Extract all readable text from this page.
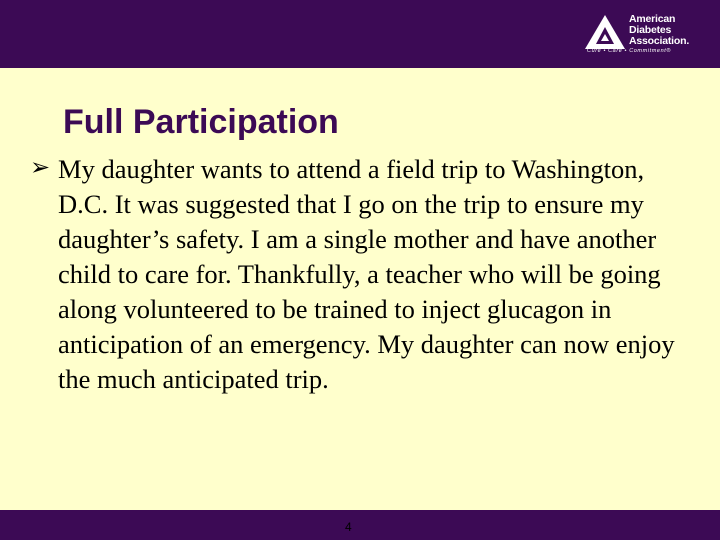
American
Diabetes
Association.
Cure • Care • Commitment®
Full Participation
➢ My daughter wants to attend a field trip to Washington, D.C. It was suggested that I go on the trip to ensure my daughter’s safety. I am a single mother and have another child to care for. Thankfully, a teacher who will be going along volunteered to be trained to inject glucagon in anticipation of an emergency. My daughter can now enjoy the much anticipated trip.
4
